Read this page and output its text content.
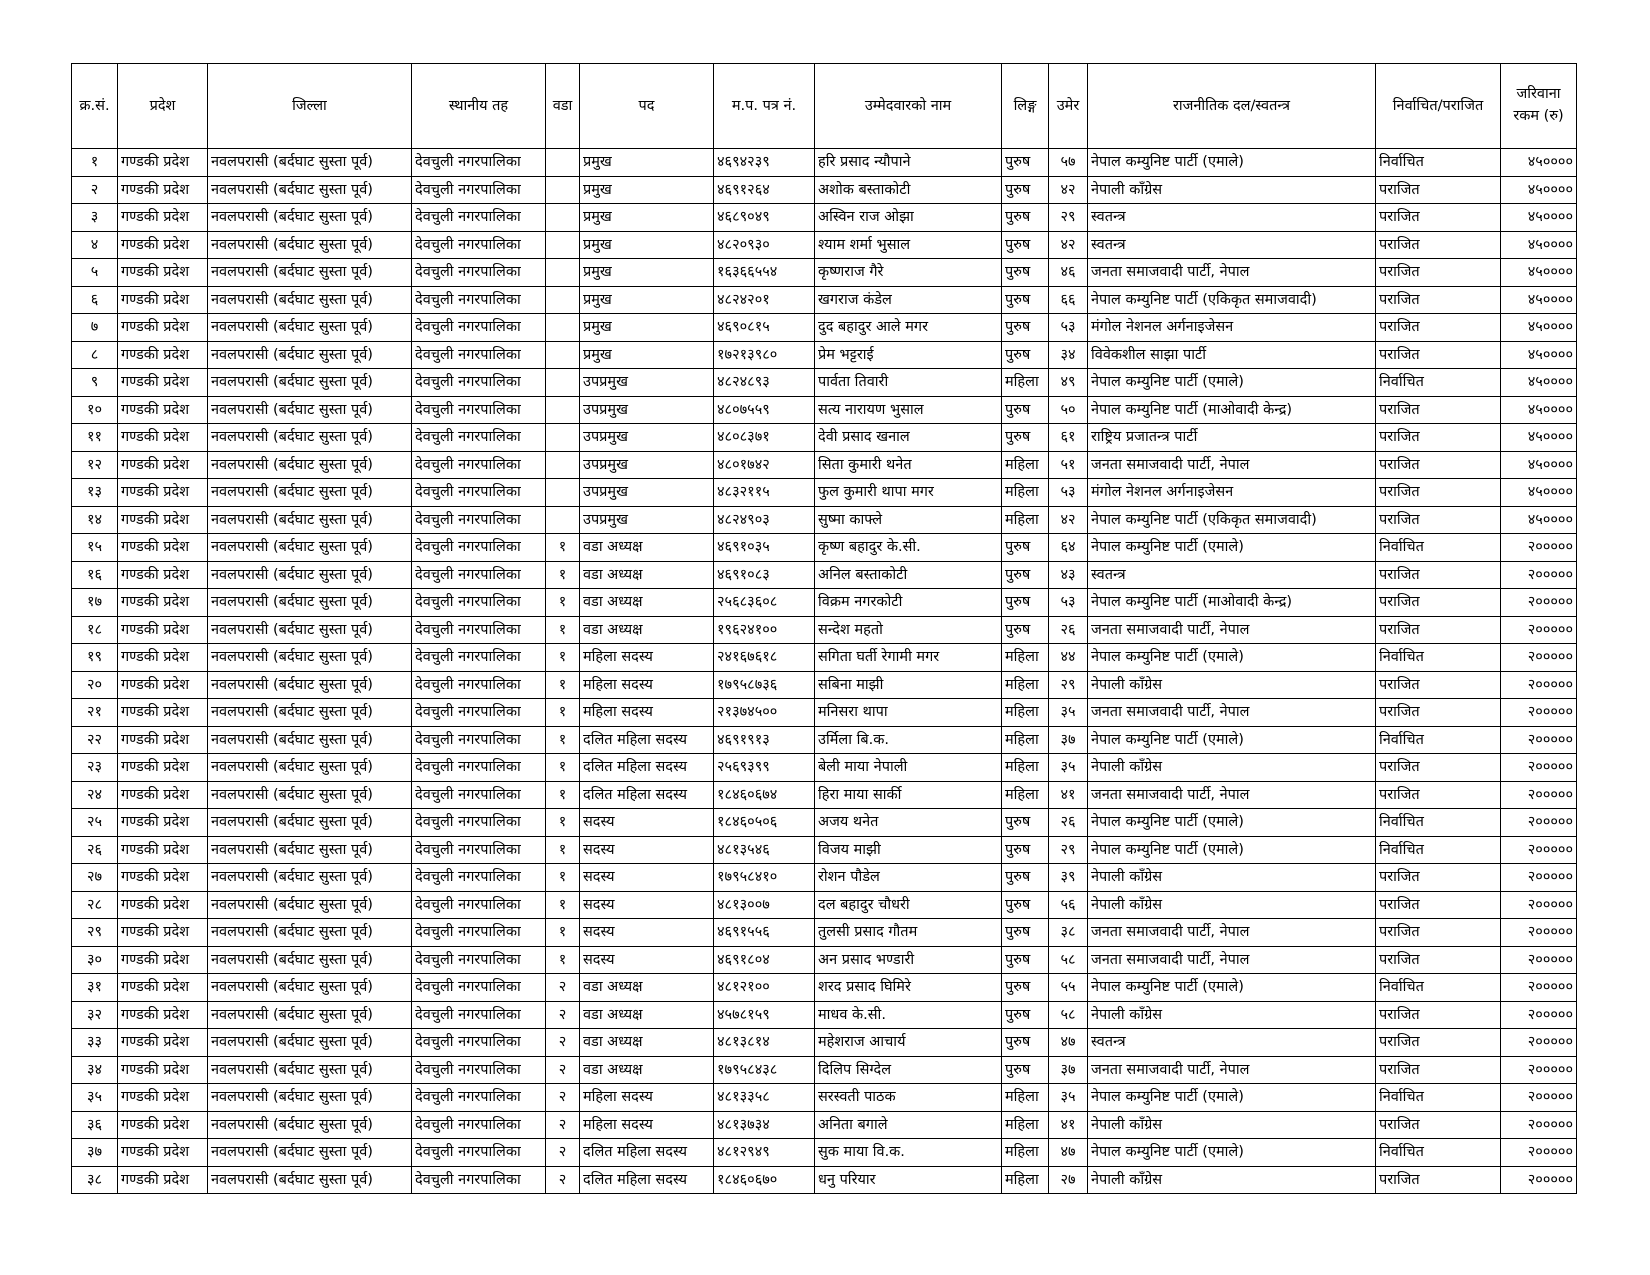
क्र.सं.	प्रदेश	जिल्ला	स्थानीय तह	वडा	पद	म.प. पत्र नं.	उम्मेदवारको नाम	लिङ्ग	उमेर	राजनीतिक दल/स्वतन्त्र	निर्वाचित/पराजित	जरिवाना
रकम (रु)
१	गण्डकी प्रदेश	नवलपरासी (बर्दघाट सुस्ता पूर्व)	देवचुली नगरपालिका		प्रमुख	४६९४२३९	हरि प्रसाद न्यौपाने	पुरुष	५७	नेपाल कम्युनिष्ट पार्टी (एमाले)	निर्वाचित	४५००००
२	गण्डकी प्रदेश	नवलपरासी (बर्दघाट सुस्ता पूर्व)	देवचुली नगरपालिका		प्रमुख	४६९१२६४	अशोक बस्ताकोटी	पुरुष	४२	नेपाली काँग्रेस	पराजित	४५००००
३	गण्डकी प्रदेश	नवलपरासी (बर्दघाट सुस्ता पूर्व)	देवचुली नगरपालिका		प्रमुख	४६८९०४९	अस्विन राज ओझा	पुरुष	२९	स्वतन्त्र	पराजित	४५००००
४	गण्डकी प्रदेश	नवलपरासी (बर्दघाट सुस्ता पूर्व)	देवचुली नगरपालिका		प्रमुख	४८२०९३०	श्याम शर्मा भुसाल	पुरुष	४२	स्वतन्त्र	पराजित	४५००००
५	गण्डकी प्रदेश	नवलपरासी (बर्दघाट सुस्ता पूर्व)	देवचुली नगरपालिका		प्रमुख	१६३६६५५४	कृष्णराज गैरे	पुरुष	४६	जनता समाजवादी पार्टी, नेपाल	पराजित	४५००००
६	गण्डकी प्रदेश	नवलपरासी (बर्दघाट सुस्ता पूर्व)	देवचुली नगरपालिका		प्रमुख	४८२४२०१	खगराज कंडेल	पुरुष	६६	नेपाल कम्युनिष्ट पार्टी (एकिकृत समाजवादी)	पराजित	४५००००
७	गण्डकी प्रदेश	नवलपरासी (बर्दघाट सुस्ता पूर्व)	देवचुली नगरपालिका		प्रमुख	४६९०८१५	दुद बहादुर आले मगर	पुरुष	५३	मंगोल नेशनल अर्गनाइजेसन	पराजित	४५००००
८	गण्डकी प्रदेश	नवलपरासी (बर्दघाट सुस्ता पूर्व)	देवचुली नगरपालिका		प्रमुख	१७२१३९८०	प्रेम भट्टराई	पुरुष	३४	विवेकशील साझा पार्टी	पराजित	४५००००
९	गण्डकी प्रदेश	नवलपरासी (बर्दघाट सुस्ता पूर्व)	देवचुली नगरपालिका		उपप्रमुख	४८२४८९३	पार्वता तिवारी	महिला	४९	नेपाल कम्युनिष्ट पार्टी (एमाले)	निर्वाचित	४५००००
१०	गण्डकी प्रदेश	नवलपरासी (बर्दघाट सुस्ता पूर्व)	देवचुली नगरपालिका		उपप्रमुख	४८०७५५९	सत्य नारायण भुसाल	पुरुष	५०	नेपाल कम्युनिष्ट पार्टी (माओवादी केन्द्र)	पराजित	४५००००
११	गण्डकी प्रदेश	नवलपरासी (बर्दघाट सुस्ता पूर्व)	देवचुली नगरपालिका		उपप्रमुख	४८०८३७१	देवी प्रसाद खनाल	पुरुष	६१	राष्ट्रिय प्रजातन्त्र पार्टी	पराजित	४५००००
१२	गण्डकी प्रदेश	नवलपरासी (बर्दघाट सुस्ता पूर्व)	देवचुली नगरपालिका		उपप्रमुख	४८०१७४२	सिता कुमारी थनेत	महिला	५१	जनता समाजवादी पार्टी, नेपाल	पराजित	४५००००
१३	गण्डकी प्रदेश	नवलपरासी (बर्दघाट सुस्ता पूर्व)	देवचुली नगरपालिका		उपप्रमुख	४८३२११५	फुल कुमारी थापा मगर	महिला	५३	मंगोल नेशनल अर्गनाइजेसन	पराजित	४५००००
१४	गण्डकी प्रदेश	नवलपरासी (बर्दघाट सुस्ता पूर्व)	देवचुली नगरपालिका		उपप्रमुख	४८२४९०३	सुष्मा काफ्ले	महिला	४२	नेपाल कम्युनिष्ट पार्टी (एकिकृत समाजवादी)	पराजित	४५००००
१५	गण्डकी प्रदेश	नवलपरासी (बर्दघाट सुस्ता पूर्व)	देवचुली नगरपालिका	१	वडा अध्यक्ष	४६९१०३५	कृष्ण बहादुर के.सी.	पुरुष	६४	नेपाल कम्युनिष्ट पार्टी (एमाले)	निर्वाचित	२०००००
१६	गण्डकी प्रदेश	नवलपरासी (बर्दघाट सुस्ता पूर्व)	देवचुली नगरपालिका	१	वडा अध्यक्ष	४६९१०८३	अनिल बस्ताकोटी	पुरुष	४३	स्वतन्त्र	पराजित	२०००००
१७	गण्डकी प्रदेश	नवलपरासी (बर्दघाट सुस्ता पूर्व)	देवचुली नगरपालिका	१	वडा अध्यक्ष	२५६८३६०८	विक्रम नगरकोटी	पुरुष	५३	नेपाल कम्युनिष्ट पार्टी (माओवादी केन्द्र)	पराजित	२०००००
१८	गण्डकी प्रदेश	नवलपरासी (बर्दघाट सुस्ता पूर्व)	देवचुली नगरपालिका	१	वडा अध्यक्ष	१९६२४१००	सन्देश महतो	पुरुष	२६	जनता समाजवादी पार्टी, नेपाल	पराजित	२०००००
१९	गण्डकी प्रदेश	नवलपरासी (बर्दघाट सुस्ता पूर्व)	देवचुली नगरपालिका	१	महिला सदस्य	२४१६७६१८	सगिता घर्ती रेगामी मगर	महिला	४४	नेपाल कम्युनिष्ट पार्टी (एमाले)	निर्वाचित	२०००००
२०	गण्डकी प्रदेश	नवलपरासी (बर्दघाट सुस्ता पूर्व)	देवचुली नगरपालिका	१	महिला सदस्य	१७९५८७३६	सबिना माझी	महिला	२९	नेपाली काँग्रेस	पराजित	२०००००
२१	गण्डकी प्रदेश	नवलपरासी (बर्दघाट सुस्ता पूर्व)	देवचुली नगरपालिका	१	महिला सदस्य	२१३७४५००	मनिसरा थापा	महिला	३५	जनता समाजवादी पार्टी, नेपाल	पराजित	२०००००
२२	गण्डकी प्रदेश	नवलपरासी (बर्दघाट सुस्ता पूर्व)	देवचुली नगरपालिका	१	दलित महिला सदस्य	४६९१९१३	उर्मिला बि.क.	महिला	३७	नेपाल कम्युनिष्ट पार्टी (एमाले)	निर्वाचित	२०००००
२३	गण्डकी प्रदेश	नवलपरासी (बर्दघाट सुस्ता पूर्व)	देवचुली नगरपालिका	१	दलित महिला सदस्य	२५६९३९९	बेली माया नेपाली	महिला	३५	नेपाली काँग्रेस	पराजित	२०००००
२४	गण्डकी प्रदेश	नवलपरासी (बर्दघाट सुस्ता पूर्व)	देवचुली नगरपालिका	१	दलित महिला सदस्य	१८४६०६७४	हिरा माया सार्की	महिला	४१	जनता समाजवादी पार्टी, नेपाल	पराजित	२०००००
२५	गण्डकी प्रदेश	नवलपरासी (बर्दघाट सुस्ता पूर्व)	देवचुली नगरपालिका	१	सदस्य	१८४६०५०६	अजय थनेत	पुरुष	२६	नेपाल कम्युनिष्ट पार्टी (एमाले)	निर्वाचित	२०००००
२६	गण्डकी प्रदेश	नवलपरासी (बर्दघाट सुस्ता पूर्व)	देवचुली नगरपालिका	१	सदस्य	४८१३५४६	विजय माझी	पुरुष	२९	नेपाल कम्युनिष्ट पार्टी (एमाले)	निर्वाचित	२०००००
२७	गण्डकी प्रदेश	नवलपरासी (बर्दघाट सुस्ता पूर्व)	देवचुली नगरपालिका	१	सदस्य	१७९५८४१०	रोशन पौडेल	पुरुष	३९	नेपाली काँग्रेस	पराजित	२०००००
२८	गण्डकी प्रदेश	नवलपरासी (बर्दघाट सुस्ता पूर्व)	देवचुली नगरपालिका	१	सदस्य	४८१३००७	दल बहादुर चौधरी	पुरुष	५६	नेपाली काँग्रेस	पराजित	२०००००
२९	गण्डकी प्रदेश	नवलपरासी (बर्दघाट सुस्ता पूर्व)	देवचुली नगरपालिका	१	सदस्य	४६९१५५६	तुलसी प्रसाद गौतम	पुरुष	३८	जनता समाजवादी पार्टी, नेपाल	पराजित	२०००००
३०	गण्डकी प्रदेश	नवलपरासी (बर्दघाट सुस्ता पूर्व)	देवचुली नगरपालिका	१	सदस्य	४६९१८०४	अन प्रसाद भण्डारी	पुरुष	५८	जनता समाजवादी पार्टी, नेपाल	पराजित	२०००००
३१	गण्डकी प्रदेश	नवलपरासी (बर्दघाट सुस्ता पूर्व)	देवचुली नगरपालिका	२	वडा अध्यक्ष	४८१२१००	शरद प्रसाद घिमिरे	पुरुष	५५	नेपाल कम्युनिष्ट पार्टी (एमाले)	निर्वाचित	२०००००
३२	गण्डकी प्रदेश	नवलपरासी (बर्दघाट सुस्ता पूर्व)	देवचुली नगरपालिका	२	वडा अध्यक्ष	४५७८१५९	माधव के.सी.	पुरुष	५८	नेपाली काँग्रेस	पराजित	२०००००
३३	गण्डकी प्रदेश	नवलपरासी (बर्दघाट सुस्ता पूर्व)	देवचुली नगरपालिका	२	वडा अध्यक्ष	४८१३८१४	महेशराज आचार्य	पुरुष	४७	स्वतन्त्र	पराजित	२०००००
३४	गण्डकी प्रदेश	नवलपरासी (बर्दघाट सुस्ता पूर्व)	देवचुली नगरपालिका	२	वडा अध्यक्ष	१७९५८४३८	दिलिप सिग्देल	पुरुष	३७	जनता समाजवादी पार्टी, नेपाल	पराजित	२०००००
३५	गण्डकी प्रदेश	नवलपरासी (बर्दघाट सुस्ता पूर्व)	देवचुली नगरपालिका	२	महिला सदस्य	४८१३३५८	सरस्वती पाठक	महिला	३५	नेपाल कम्युनिष्ट पार्टी (एमाले)	निर्वाचित	२०००००
३६	गण्डकी प्रदेश	नवलपरासी (बर्दघाट सुस्ता पूर्व)	देवचुली नगरपालिका	२	महिला सदस्य	४८१३७३४	अनिता बगाले	महिला	४१	नेपाली काँग्रेस	पराजित	२०००००
३७	गण्डकी प्रदेश	नवलपरासी (बर्दघाट सुस्ता पूर्व)	देवचुली नगरपालिका	२	दलित महिला सदस्य	४८१२९४९	सुक माया वि.क.	महिला	४७	नेपाल कम्युनिष्ट पार्टी (एमाले)	निर्वाचित	२०००००
३८	गण्डकी प्रदेश	नवलपरासी (बर्दघाट सुस्ता पूर्व)	देवचुली नगरपालिका	२	दलित महिला सदस्य	१८४६०६७०	धनु परियार	महिला	२७	नेपाली काँग्रेस	पराजित	२०००००
